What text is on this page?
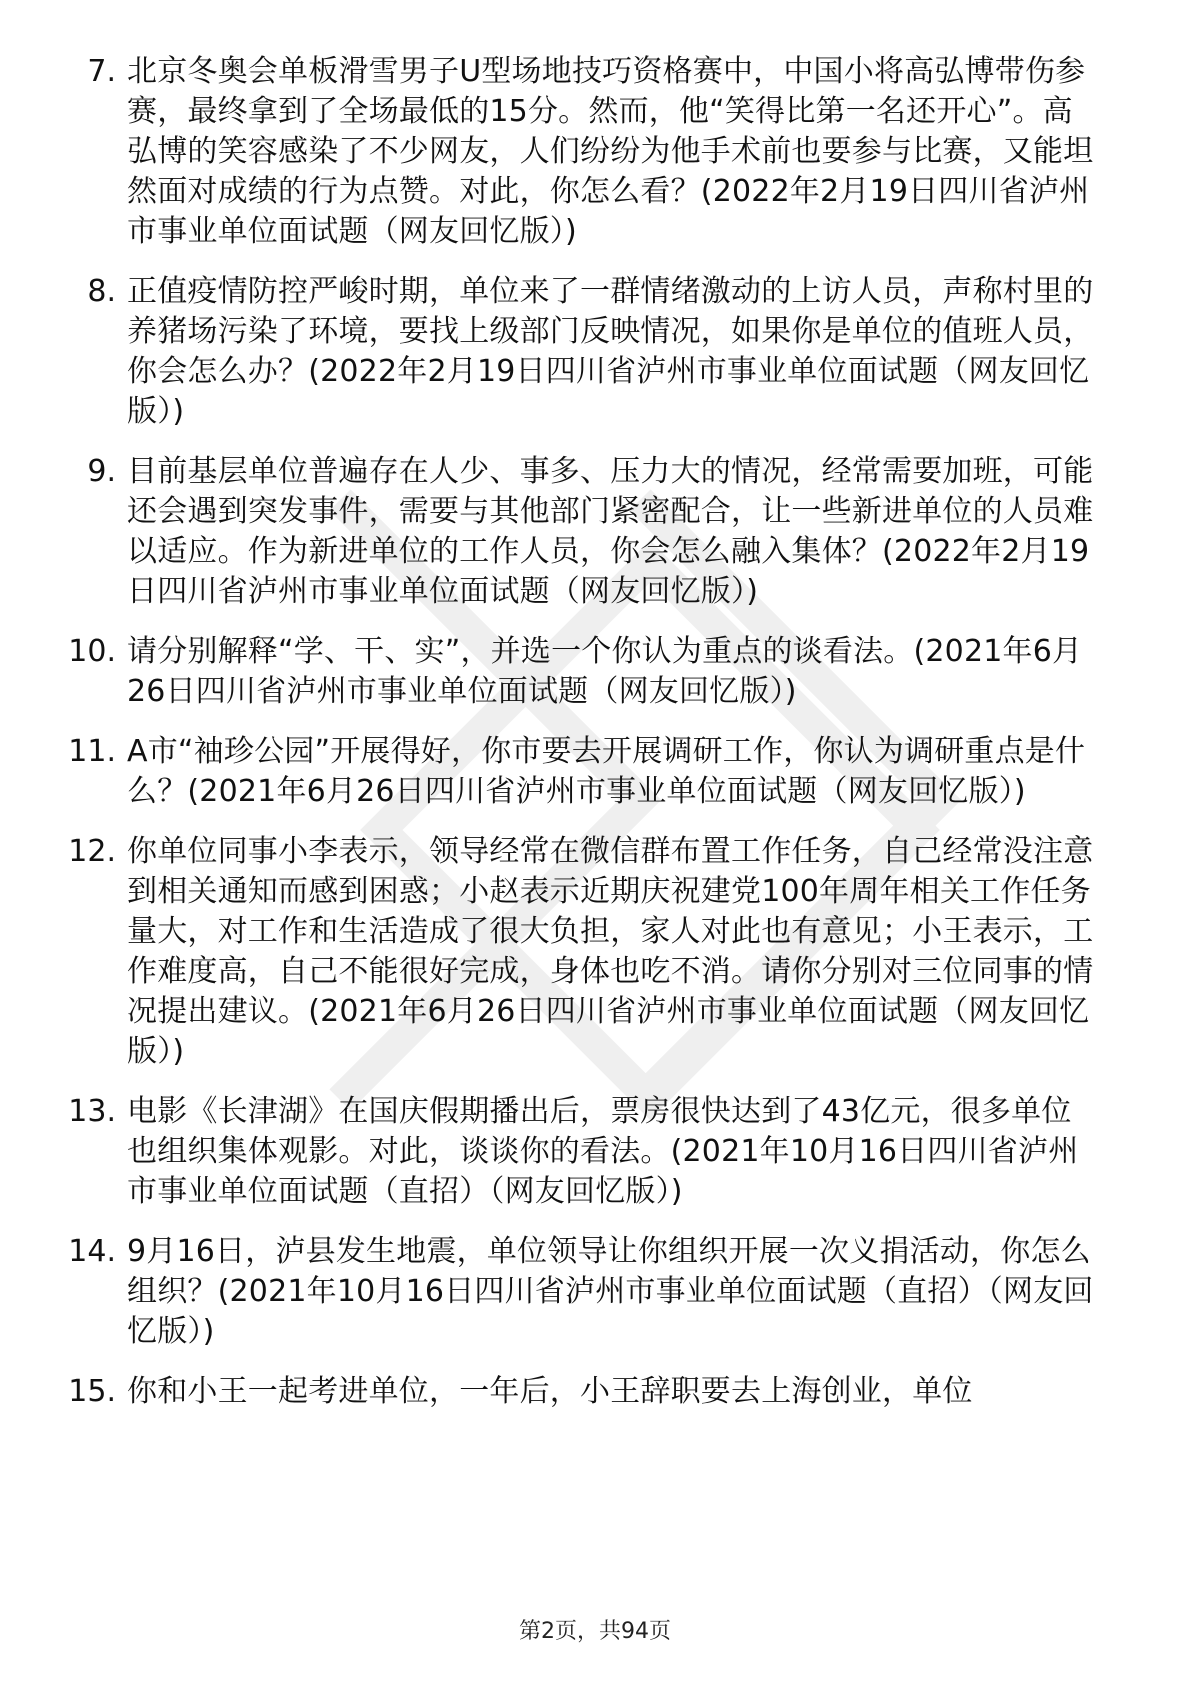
7. 北京冬奥会单板滑雪男子U型场地技巧资格赛中，中国小将高弘博带伤参赛，最终拿到了全场最低的15分。然而，他“笑得比第一名还开心”。高弘博的笑容感染了不少网友，人们纷纷为他手术前也要参与比赛，又能坦然面对成绩的行为点赞。对此，你怎么看？(2022年2月19日四川省泸州市事业单位面试题（网友回忆版）)
8. 正值疫情防控严峻时期，单位来了一群情绪激动的上访人员，声称村里的养猪场污染了环境，要找上级部门反映情况，如果你是单位的值班人员，你会怎么办？(2022年2月19日四川省泸州市事业单位面试题（网友回忆版）)
9. 目前基层单位普遍存在人少、事多、压力大的情况，经常需要加班，可能还会遇到突发事件，需要与其他部门紧密配合，让一些新进单位的人员难以适应。作为新进单位的工作人员，你会怎么融入集体？(2022年2月19日四川省泸州市事业单位面试题（网友回忆版）)
10. 请分别解释“学、干、实”，并选一个你认为重点的谈看法。(2021年6月26日四川省泸州市事业单位面试题（网友回忆版）)
11. A市“袖珍公园”开展得好，你市要去开展调研工作，你认为调研重点是什么？(2021年6月26日四川省泸州市事业单位面试题（网友回忆版）)
12. 你单位同事小李表示，领导经常在微信群布置工作任务，自己经常没注意到相关通知而感到困惑；小赵表示近期庆祝建党100年周年相关工作任务量大，对工作和生活造成了很大负担，家人对此也有意见；小王表示，工作难度高，自己不能很好完成，身体也吃不消。请你分别对三位同事的情况提出建议。(2021年6月26日四川省泸州市事业单位面试题（网友回忆版）)
13. 电影《长津湖》在国庆假期播出后，票房很快达到了43亿元，很多单位也组织集体观影。对此，谈谈你的看法。(2021年10月16日四川省泸州市事业单位面试题（直招）（网友回忆版）)
14. 9月16日，泸县发生地震，单位领导让你组织开展一次义捐活动，你怎么组织？(2021年10月16日四川省泸州市事业单位面试题（直招）（网友回忆版）)
15. 你和小王一起考进单位，一年后，小王辞职要去上海创业，单位
第2页，共94页
